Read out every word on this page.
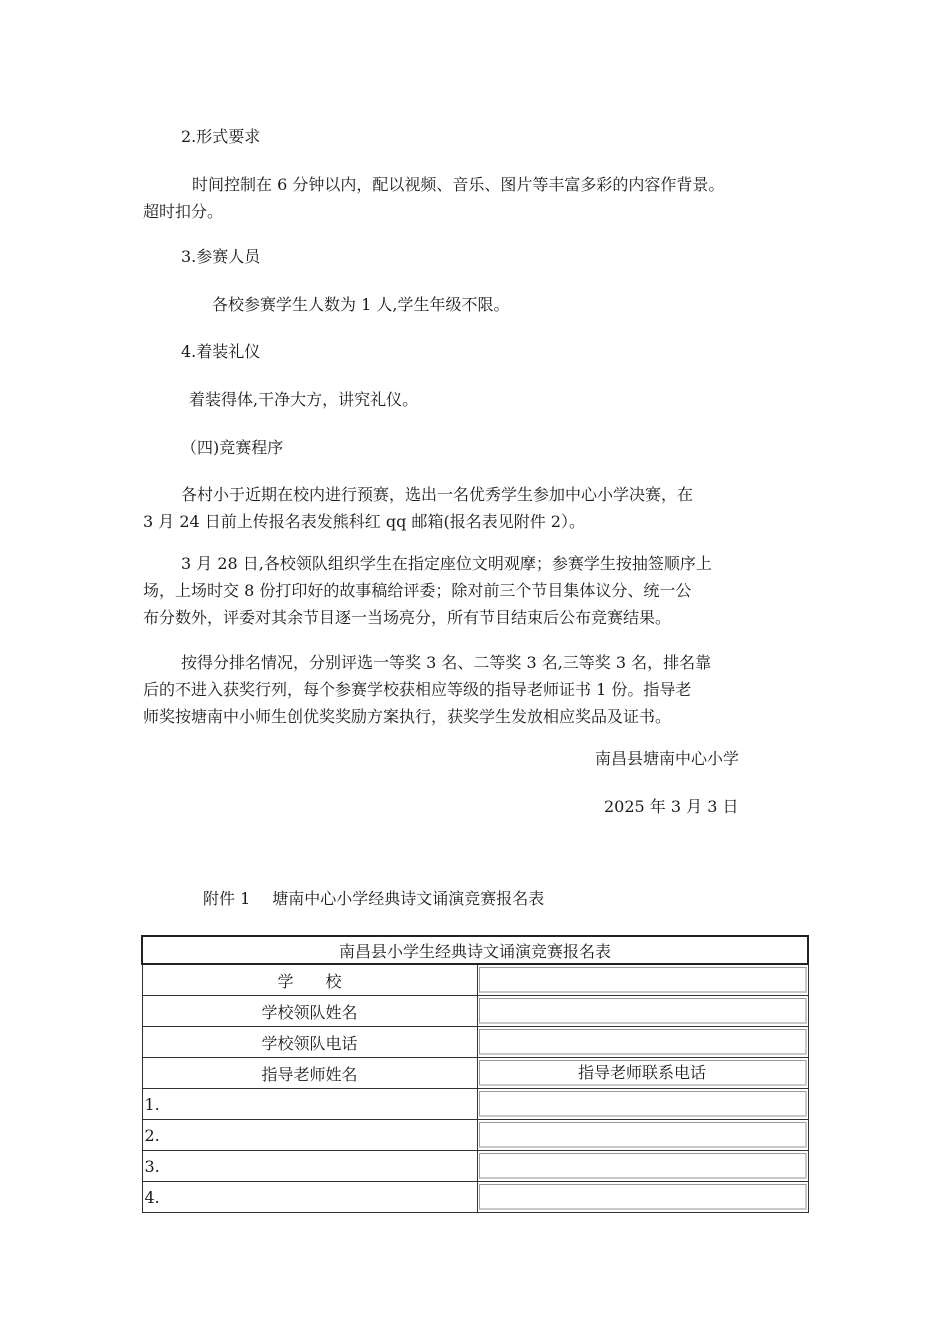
2.形式要求

时间控制在 6 分钟以内，配以视频、音乐、图片等丰富多彩的内容作背景。
超时扣分。

3.参赛人员

各校参赛学生人数为 1 人,学生年级不限。

4.着装礼仪

着装得体,干净大方，讲究礼仪。

（四)竞赛程序

各村小于近期在校内进行预赛，选出一名优秀学生参加中心小学决赛，在
3 月 24 日前上传报名表发熊科红 qq 邮箱(报名表见附件 2）。
3 月 28 日,各校领队组织学生在指定座位文明观摩；参赛学生按抽签顺序上
场，上场时交 8 份打印好的故事稿给评委；除对前三个节目集体议分、统一公
布分数外，评委对其余节目逐一当场亮分，所有节目结束后公布竞赛结果。
按得分排名情况，分别评选一等奖 3 名、二等奖 3 名,三等奖 3 名，排名靠
后的不进入获奖行列，每个参赛学校获相应等级的指导老师证书 1 份。指导老
师奖按塘南中小师生创优奖奖励方案执行，获奖学生发放相应奖品及证书。

南昌县塘南中心小学

2025 年 3 月 3 日

附件 1 塘南中心小学经典诗文诵演竞赛报名表
南昌县小学生经典诗文诵演竞赛报名表	
学　　校	

学校领队姓名	

学校领队电话	

指导老师姓名	指导老师联系电话

1.	

2.	

3.	

4.	
